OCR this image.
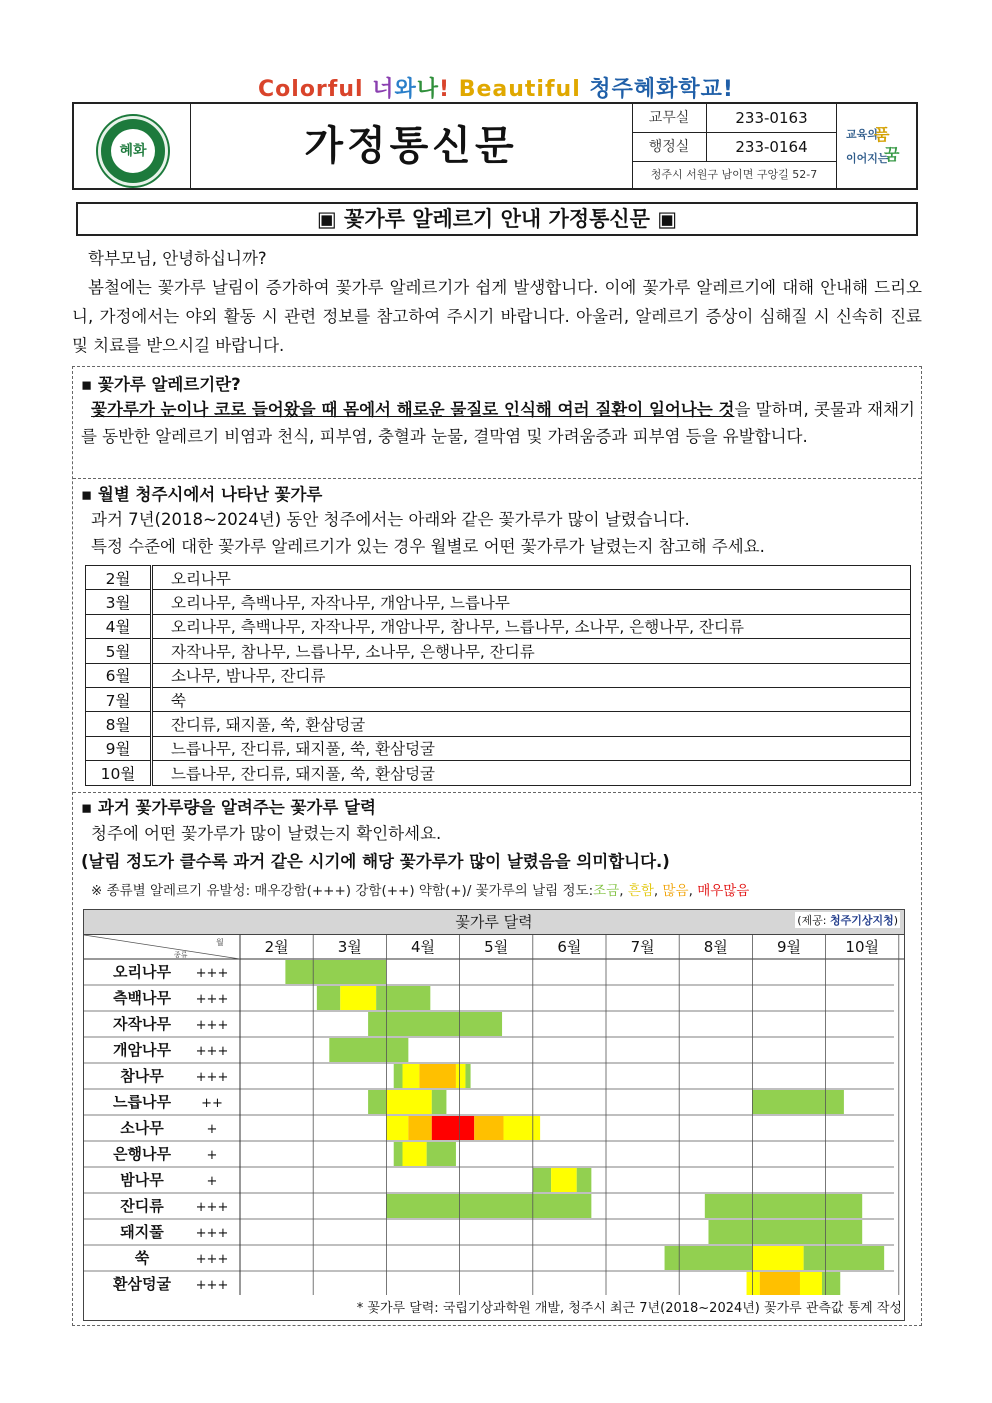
Colorful 너와나! Beautiful 청주혜화학교!
혜화	가정통신문
교무실	233-0163
행정실	233-0164
청주시 서원구 남이면 구앙길 52-7
교육의
품
이어지는
꿈
▣ 꽃가루 알레르기 안내 가정통신문 ▣
학부모님, 안녕하십니까?
봄철에는 꽃가루 날림이 증가하여 꽃가루 알레르기가 쉽게 발생합니다. 이에 꽃가루 알레르기에 대해 안내해 드리오니, 가정에서는 야외 활동 시 관련 정보를 참고하여 주시기 바랍니다. 아울러, 알레르기 증상이 심해질 시 신속히 진료 및 치료를 받으시길 바랍니다.
▪ 꽃가루 알레르기란?
꽃가루가 눈이나 코로 들어왔을 때 몸에서 해로운 물질로 인식해 여러 질환이 일어나는 것을 말하며, 콧물과 재채기를 동반한 알레르기 비염과 천식, 피부염, 충혈과 눈물, 결막염 및 가려움증과 피부염 등을 유발합니다.
▪ 월별 청주시에서 나타난 꽃가루
과거 7년(2018~2024년) 동안 청주에서는 아래와 같은 꽃가루가 많이 날렸습니다.
특정 수준에 대한 꽃가루 알레르기가 있는 경우 월별로 어떤 꽃가루가 날렸는지 참고해 주세요.
2월	오리나무
3월	오리나무, 측백나무, 자작나무, 개암나무, 느릅나무
4월	오리나무, 측백나무, 자작나무, 개암나무, 참나무, 느릅나무, 소나무, 은행나무, 잔디류
5월	자작나무, 참나무, 느릅나무, 소나무, 은행나무, 잔디류
6월	소나무, 밤나무, 잔디류
7월	쑥
8월	잔디류, 돼지풀, 쑥, 환삼덩굴
9월	느릅나무, 잔디류, 돼지풀, 쑥, 환삼덩굴
10월	느릅나무, 잔디류, 돼지풀, 쑥, 환삼덩굴
▪ 과거 꽃가루량을 알려주는 꽃가루 달력
청주에 어떤 꽃가루가 많이 날렸는지 확인하세요.
(날림 정도가 클수록 과거 같은 시기에 해당 꽃가루가 많이 날렸음을 의미합니다.)
※ 종류별 알레르기 유발성: 매우강함(+++) 강함(++) 약함(+)/ 꽃가루의 날림 정도:조금, 흔함, 많음, 매우많음
꽃가루 달력	(제공: 청주기상지청)
월
종류	2월	3월	4월	5월	6월	7월	8월	9월	10월
오리나무 +++
측백나무 +++
자작나무 +++
개암나무 +++
참나무 +++
느릅나무 ++
소나무	+
은행나무	+
밤나무	+
잔디류 +++
돼지풀 +++
쑥	+++
환삼덩굴 +++
* 꽃가루 달력: 국립기상과학원 개발, 청주시 최근 7년(2018~2024년) 꽃가루 관측값 통계 작성
